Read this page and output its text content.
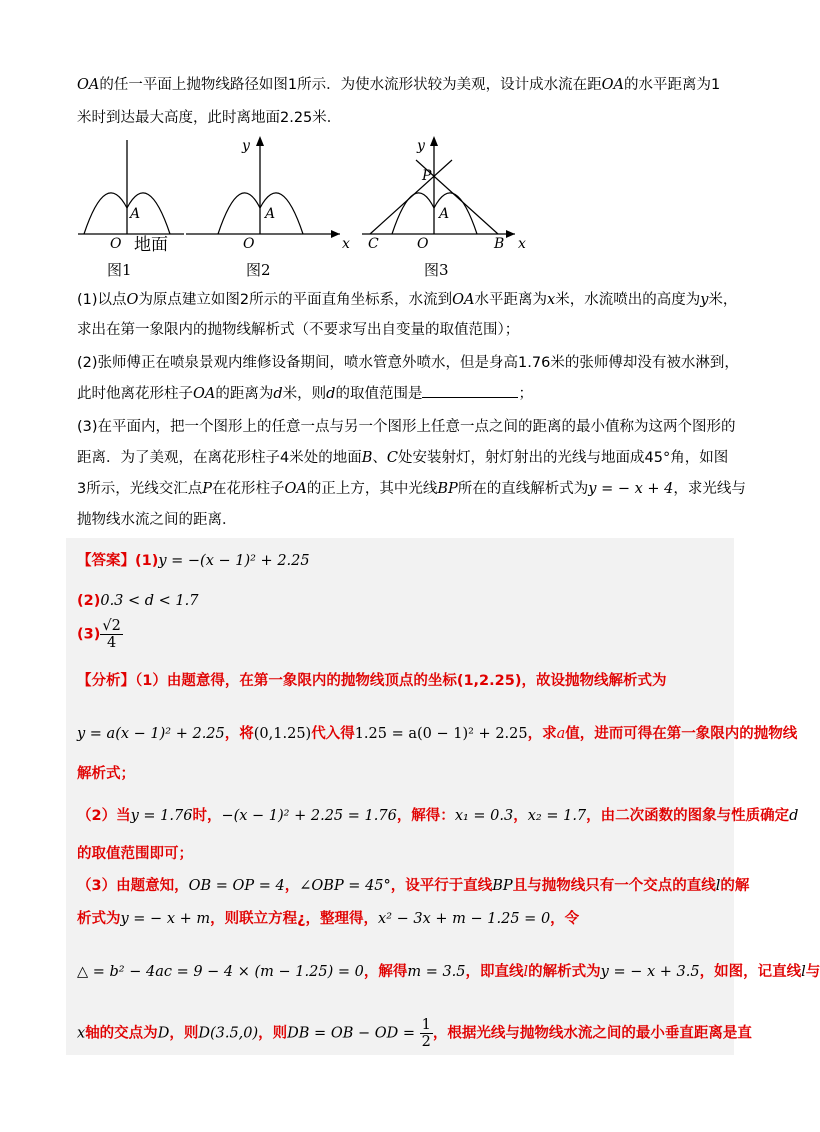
OA的任一平面上抛物线路径如图1所示．为使水流形状较为美观，设计成水流在距OA的水平距离为1
米时到达最大高度，此时离地面2.25米．
O
A
地面
图1
O
A
y
x
图2
O
A
y
P
B
C	x
图3
(1)以点O为原点建立如图2所示的平面直角坐标系，水流到OA水平距离为x米，水流喷出的高度为y米，
求出在第一象限内的抛物线解析式（不要求写出自变量的取值范围）；
(2)张师傅正在喷泉景观内维修设备期间，喷水管意外喷水，但是身高1.76米的张师傅却没有被水淋到，
此时他离花形柱子OA的距离为d米，则d的取值范围是	；
(3)在平面内，把一个图形上的任意一点与另一个图形上任意一点之间的距离的最小值称为这两个图形的
距离．为了美观，在离花形柱子4米处的地面B、C处安装射灯，射灯射出的光线与地面成45°角，如图
3所示，光线交汇点P在花形柱子OA的正上方，其中光线BP所在的直线解析式为y = − x + 4，求光线与
抛物线水流之间的距离．
【答案】(1)y = −(x − 1)² + 2.25
(2)0.3 < d < 1.7
$(3) \frac{√2}{4}$
【分析】（1）由题意得，在第一象限内的抛物线顶点的坐标(1,2.25)，故设抛物线解析式为
y = a(x − 1)² + 2.25，将(0,1.25)代入得1.25 = a(0 − 1)² + 2.25，求a值，进而可得在第一象限内的抛物线
解析式；
（2）当y = 1.76时，−(x − 1)² + 2.25 = 1.76，解得：x₁ = 0.3，x₂ = 1.7，由二次函数的图象与性质确定d
的取值范围即可；
（3）由题意知，OB = OP = 4，∠OBP = 45°，设平行于直线BP且与抛物线只有一个交点的直线l的解
析式为y = − x + m，则联立方程¿，整理得，x² − 3x + m − 1.25 = 0，令
△ = b² − 4ac = 9 − 4 × (m − 1.25) = 0，解得m = 3.5，即直线l的解析式为y = − x + 3.5，如图，记直线l与
x轴的交点为D，则D(3.5,0)，则DB = OB − OD = $\frac{1}{2}$ ，根据光线与抛物线水流之间的最小垂直距离是直
